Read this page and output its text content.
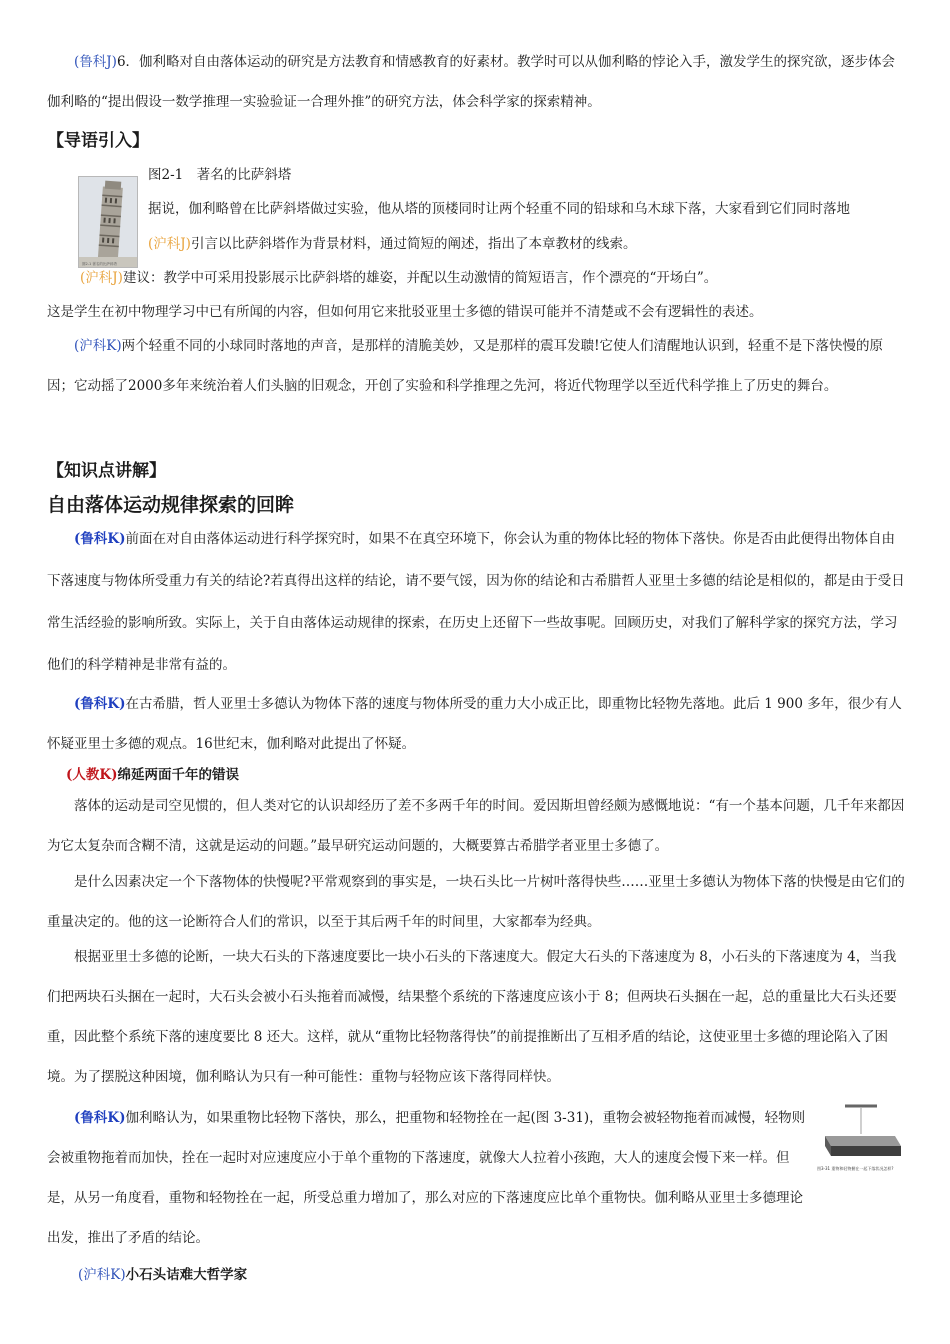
(鲁科J)6．伽利略对自由落体运动的研究是方法教育和情感教育的好素材。教学时可以从伽利略的悖论入手，激发学生的探究欲，逐步体会伽利略的“提出假设一数学推理一实验验证一合理外推”的研究方法，体会科学家的探索精神。
【导语引入】
图2-1 著名的比萨斜塔
图2-1　著名的比萨斜塔
据说，伽利略曾在比萨斜塔做过实验，他从塔的顶楼同时让两个轻重不同的铅球和乌木球下落，大家看到它们同时落地
(沪科J)引言以比萨斜塔作为背景材料，通过简短的阐述，指出了本章教材的线索。
(沪科J)建议：教学中可采用投影展示比萨斜塔的雄姿，并配以生动激情的简短语言，作个漂亮的“开场白”。
这是学生在初中物理学习中已有所闻的内容，但如何用它来批驳亚里士多德的错误可能并不清楚或不会有逻辑性的表述。
(沪科K)两个轻重不同的小球同时落地的声音，是那样的清脆美妙，又是那样的震耳发聩!它使人们清醒地认识到，轻重不是下落快慢的原因；它动摇了2000多年来统治着人们头脑的旧观念，开创了实验和科学推理之先河，将近代物理学以至近代科学推上了历史的舞台。
【知识点讲解】
自由落体运动规律探索的回眸
(鲁科K)前面在对自由落体运动进行科学探究时，如果不在真空环境下，你会认为重的物体比轻的物体下落快。你是否由此便得出物体自由下落速度与物体所受重力有关的结论?若真得出这样的结论，请不要气馁，因为你的结论和古希腊哲人亚里士多德的结论是相似的，都是由于受日常生活经验的影响所致。实际上，关于自由落体运动规律的探索，在历史上还留下一些故事呢。回顾历史，对我们了解科学家的探究方法，学习他们的科学精神是非常有益的。
(鲁科K)在古希腊，哲人亚里士多德认为物体下落的速度与物体所受的重力大小成正比，即重物比轻物先落地。此后 1 900 多年，很少有人怀疑亚里士多德的观点。16世纪末，伽利略对此提出了怀疑。
(人教K)绵延两面千年的错误
落体的运动是司空见惯的，但人类对它的认识却经历了差不多两千年的时间。爱因斯坦曾经颇为感慨地说：“有一个基本问题，几千年来都因为它太复杂而含糊不清，这就是运动的问题。”最早研究运动问题的，大概要算古希腊学者亚里士多德了。
是什么因素决定一个下落物体的快慢呢?平常观察到的事实是，一块石头比一片树叶落得快些……亚里士多德认为物体下落的快慢是由它们的重量决定的。他的这一论断符合人们的常识，以至于其后两千年的时间里，大家都奉为经典。
根据亚里士多德的论断，一块大石头的下落速度要比一块小石头的下落速度大。假定大石头的下落速度为 8，小石头的下落速度为 4，当我们把两块石头捆在一起时，大石头会被小石头拖着而减慢，结果整个系统的下落速度应该小于 8；但两块石头捆在一起，总的重量比大石头还要重，因此整个系统下落的速度要比 8 还大。这样，就从“重物比轻物落得快”的前提推断出了互相矛盾的结论，这使亚里士多德的理论陷入了困境。为了摆脱这种困境，伽利略认为只有一种可能性：重物与轻物应该下落得同样快。
(鲁科K)伽利略认为，如果重物比轻物下落快，那么，把重物和轻物拴在一起(图 3-31)，重物会被轻物拖着而减慢，轻物则会被重物拖着而加快，拴在一起时对应速度应小于单个重物的下落速度，就像大人拉着小孩跑，大人的速度会慢下来一样。但是，从另一角度看，重物和轻物拴在一起，所受总重力增加了，那么对应的下落速度应比单个重物快。伽利略从亚里士多德理论出发，推出了矛盾的结论。
图3-31 重物和轻物捆在一起下落状况怎样?
(沪科K)小石头诘难大哲学家
